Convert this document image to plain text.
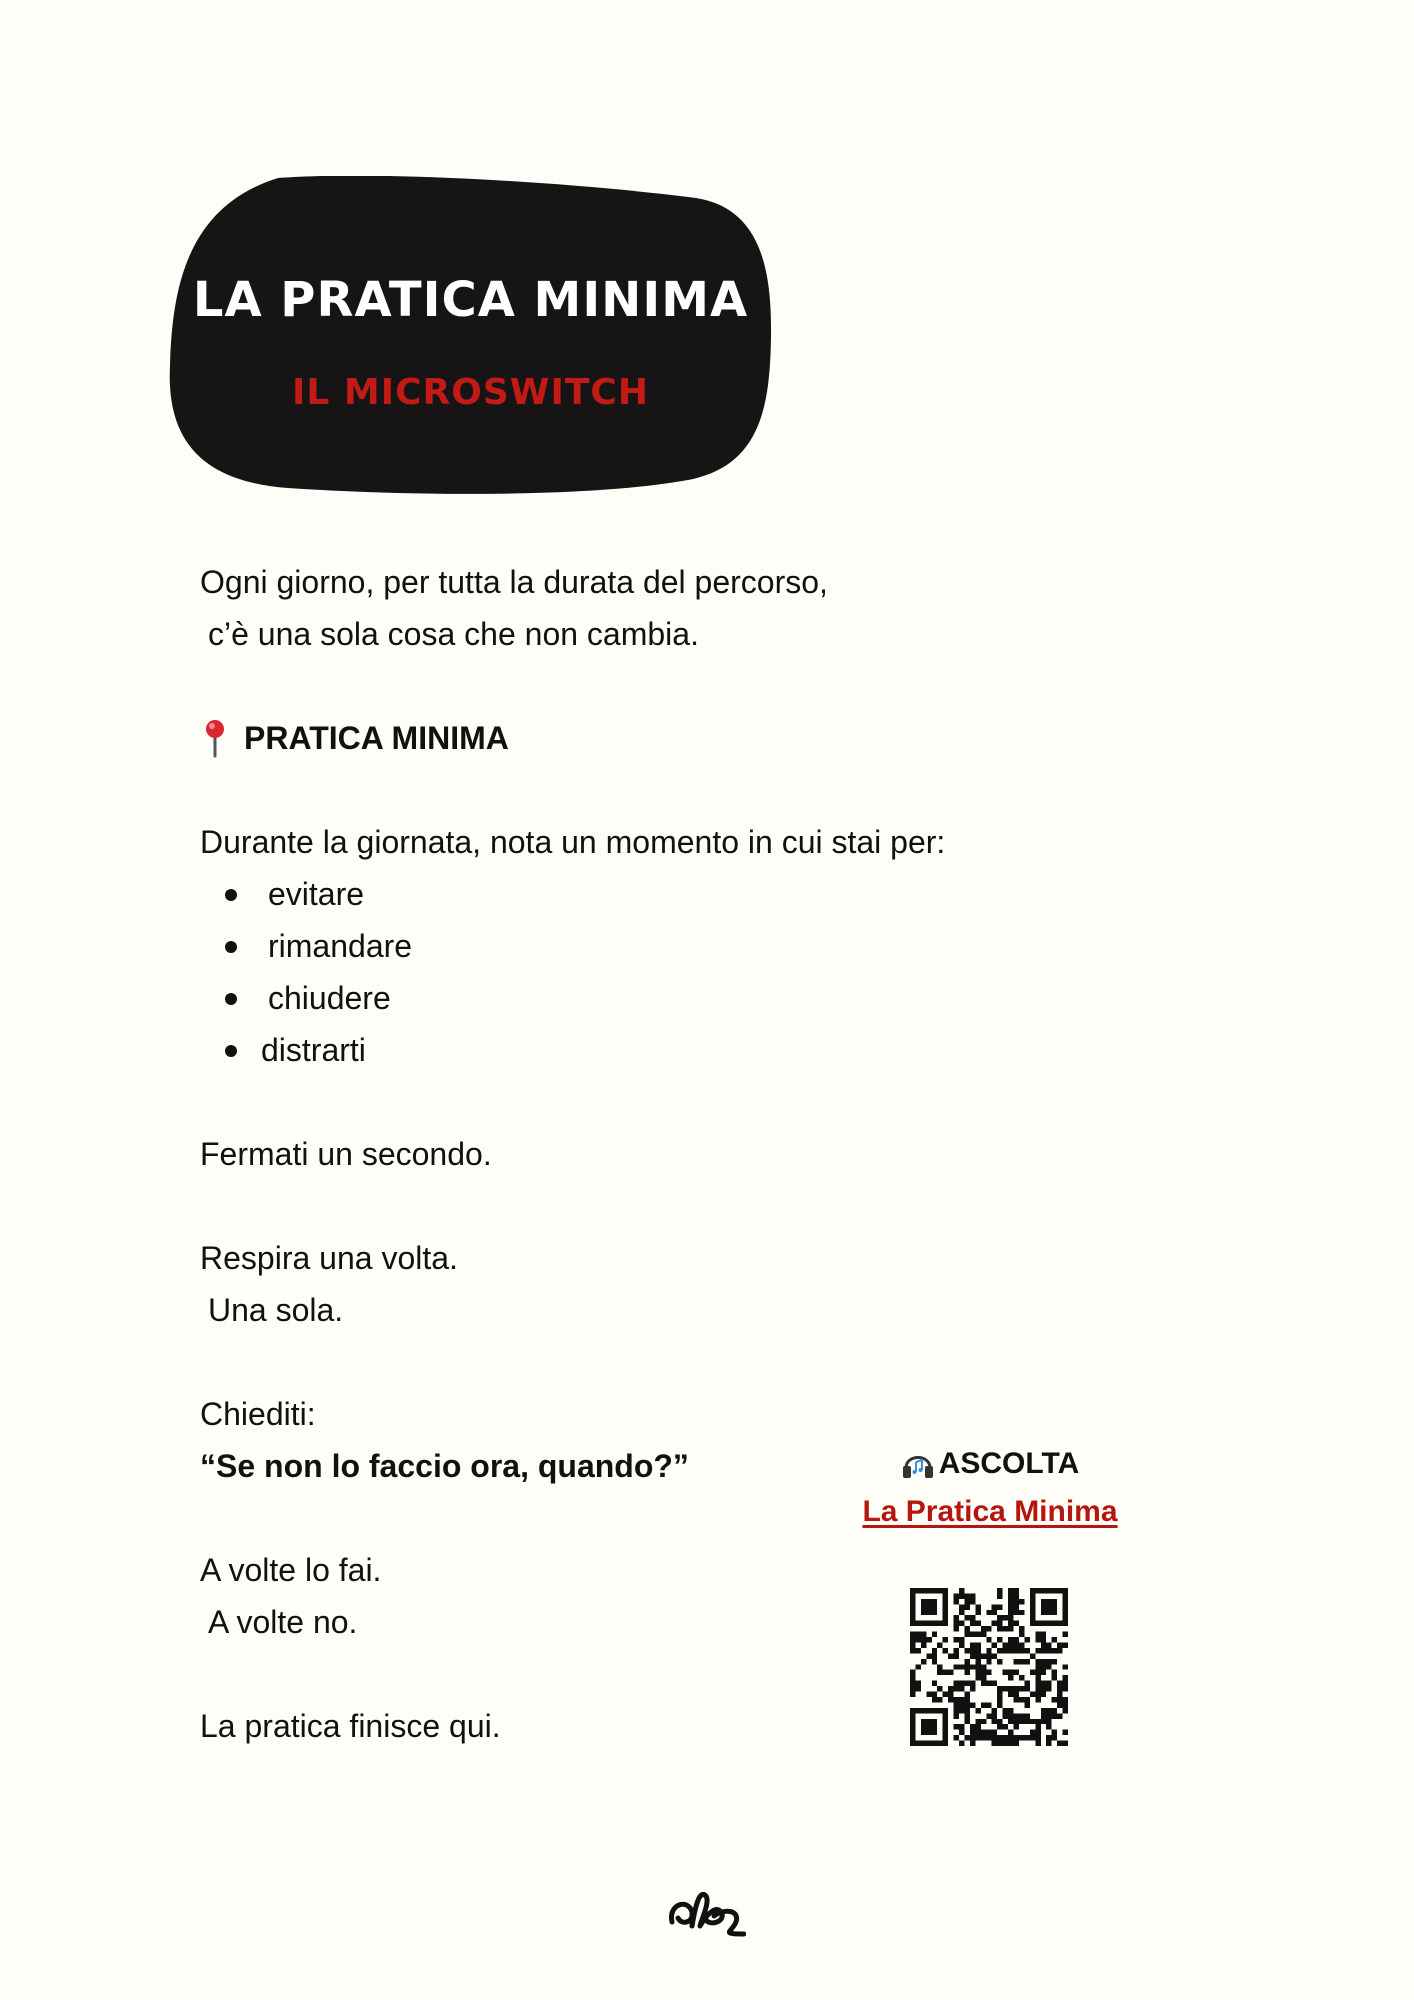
LA PRATICA MINIMA
IL MICROSWITCH

Ogni giorno, per tutta la durata del percorso,

c’è una sola cosa che non cambia.

PRATICA MINIMA

Durante la giornata, nota un momento in cui stai per:

evitare
rimandare
chiudere
distrarti

Fermati un secondo.

Respira una volta.

Una sola.

Chiediti:

“Se non lo faccio ora, quando?”

A volte lo fai.

A volte no.

La pratica finisce qui.

ASCOLTA
La Pratica Minima
